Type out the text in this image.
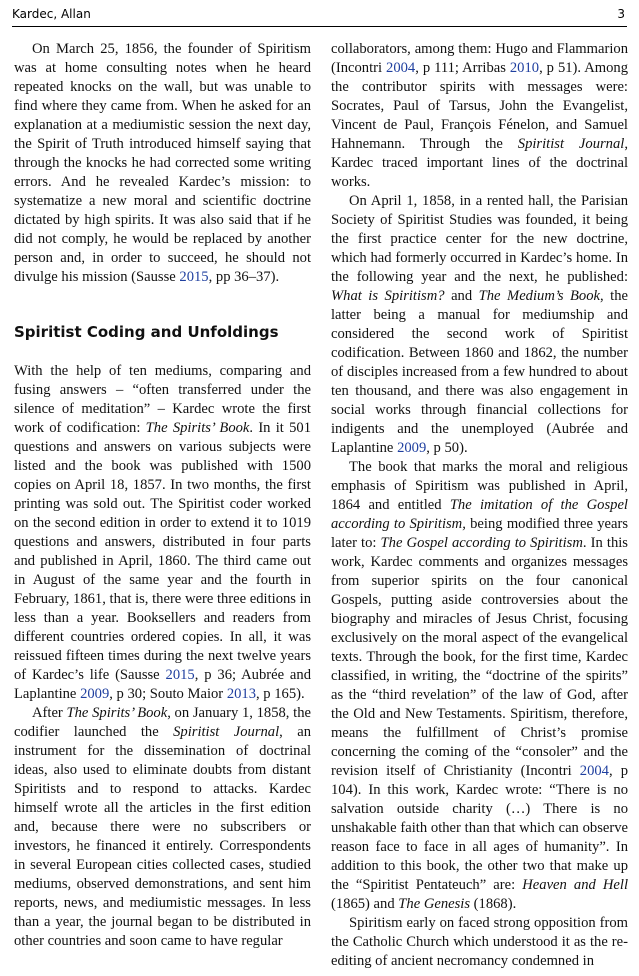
Kardec, Allan	3

On March 25, 1856, the founder of Spiritism was at home consulting notes when he heard repeated knocks on the wall, but was unable to find where they came from. When he asked for an explanation at a mediumistic session the next day, the Spirit of Truth introduced himself saying that through the knocks he had corrected some writing errors. And he revealed Kardec’s mission: to systematize a new moral and scientific doctrine dictated by high spirits. It was also said that if he did not comply, he would be replaced by another person and, in order to succeed, he should not divulge his mission (Sausse 2015, pp 36–37).

Spiritist Coding and Unfoldings

With the help of ten mediums, comparing and fusing answers – “often transferred under the silence of meditation” – Kardec wrote the first work of codification: The Spirits’ Book. In it 501 questions and answers on various subjects were listed and the book was published with 1500 copies on April 18, 1857. In two months, the first printing was sold out. The Spiritist coder worked on the second edition in order to extend it to 1019 questions and answers, distributed in four parts and published in April, 1860. The third came out in August of the same year and the fourth in February, 1861, that is, there were three editions in less than a year. Booksellers and readers from different countries ordered copies. In all, it was reissued fifteen times during the next twelve years of Kardec’s life (Sausse 2015, p 36; Aubrée and Laplantine 2009, p 30; Souto Maior 2013, p 165).

After The Spirits’ Book, on January 1, 1858, the codifier launched the Spiritist Journal, an instrument for the dissemination of doctrinal ideas, also used to eliminate doubts from distant Spiritists and to respond to attacks. Kardec himself wrote all the articles in the first edition and, because there were no subscribers or investors, he financed it entirely. Correspondents in several European cities collected cases, studied mediums, observed demonstrations, and sent him reports, news, and mediumistic messages. In less than a year, the journal began to be distributed in other countries and soon came to have regular

collaborators, among them: Hugo and Flammarion (Incontri 2004, p 111; Arribas 2010, p 51). Among the contributor spirits with messages were: Socrates, Paul of Tarsus, John the Evangelist, Vincent de Paul, François Fénelon, and Samuel Hahnemann. Through the Spiritist Journal, Kardec traced important lines of the doctrinal works.

On April 1, 1858, in a rented hall, the Parisian Society of Spiritist Studies was founded, it being the first practice center for the new doctrine, which had formerly occurred in Kardec’s home. In the following year and the next, he published: What is Spiritism? and The Medium’s Book, the latter being a manual for mediumship and considered the second work of Spiritist codification. Between 1860 and 1862, the number of disciples increased from a few hundred to about ten thousand, and there was also engagement in social works through financial collections for indigents and the unemployed (Aubrée and Laplantine 2009, p 50).

The book that marks the moral and religious emphasis of Spiritism was published in April, 1864 and entitled The imitation of the Gospel according to Spiritism, being modified three years later to: The Gospel according to Spiritism. In this work, Kardec comments and organizes messages from superior spirits on the four canonical Gospels, putting aside controversies about the biography and miracles of Jesus Christ, focusing exclusively on the moral aspect of the evangelical texts. Through the book, for the first time, Kardec classified, in writing, the “doctrine of the spirits” as the “third revelation” of the law of God, after the Old and New Testaments. Spiritism, therefore, means the fulfillment of Christ’s promise concerning the coming of the “consoler” and the revision itself of Christianity (Incontri 2004, p 104). In this work, Kardec wrote: “There is no salvation outside charity (…) There is no unshakable faith other than that which can observe reason face to face in all ages of humanity”. In addition to this book, the other two that make up the “Spiritist Pentateuch” are: Heaven and Hell (1865) and The Genesis (1868).

Spiritism early on faced strong opposition from the Catholic Church which understood it as the re-editing of ancient necromancy condemned in
